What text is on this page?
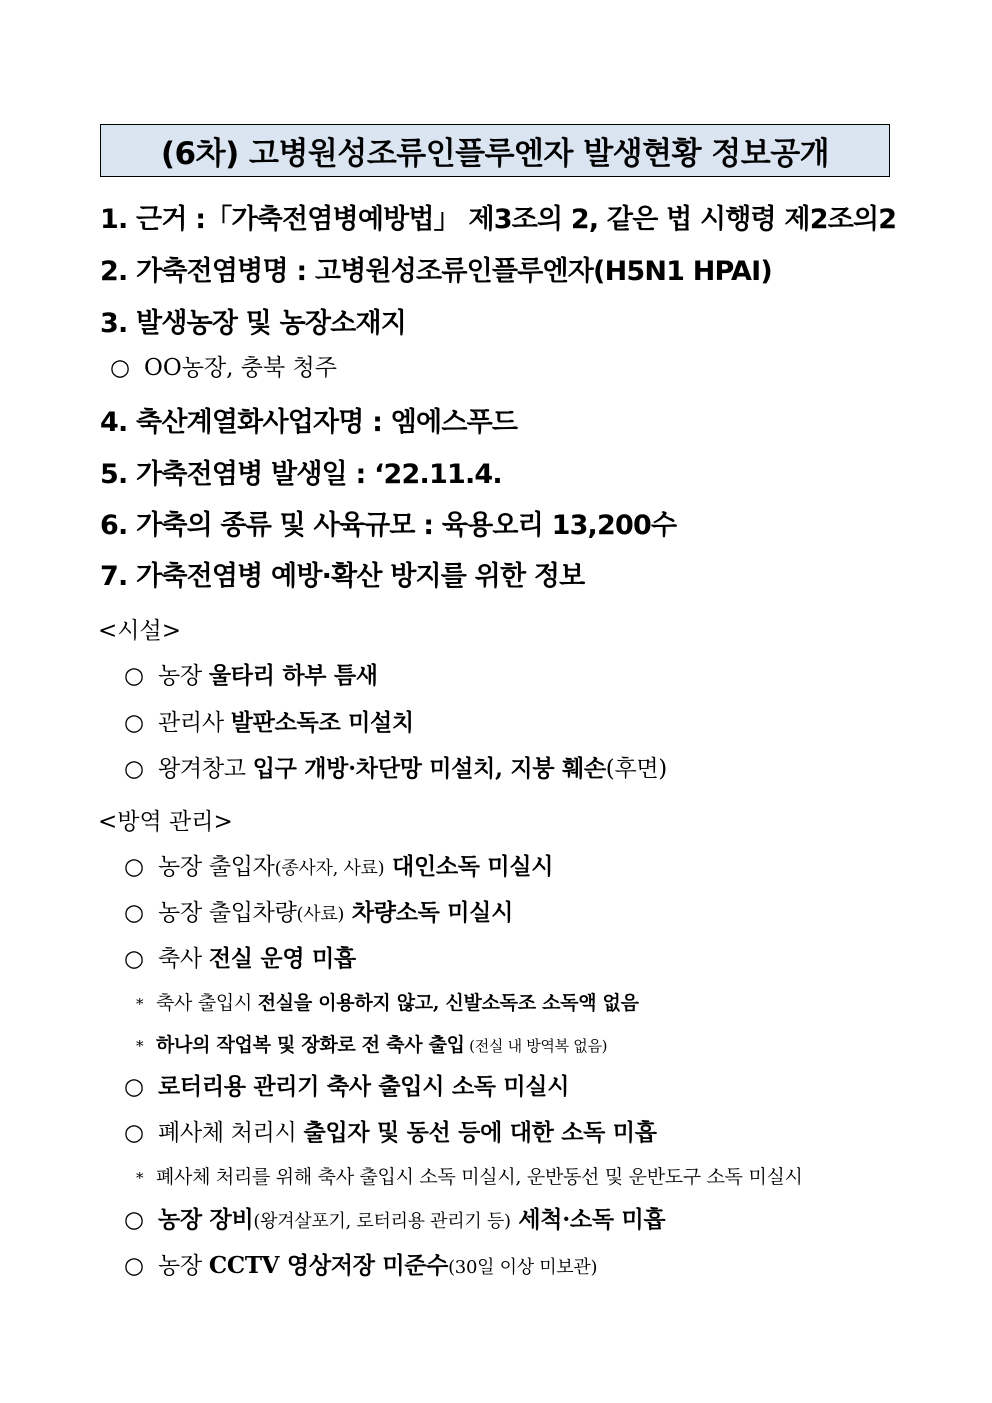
(6차) 고병원성조류인플루엔자 발생현황 정보공개
1. 근거 :「가축전염병예방법」 제3조의 2, 같은 법 시행령 제2조의2
2. 가축전염병명 : 고병원성조류인플루엔자(H5N1 HPAI)
3. 발생농장 및 농장소재지
○ OO농장, 충북 청주
4. 축산계열화사업자명 : 엠에스푸드
5. 가축전염병 발생일 : ‘22.11.4.
6. 가축의 종류 및 사육규모 : 육용오리 13,200수
7. 가축전염병 예방·확산 방지를 위한 정보
<시설>
○ 농장 울타리 하부 틈새
○ 관리사 발판소독조 미설치
○ 왕겨창고 입구 개방·차단망 미설치, 지붕 훼손(후면)
<방역 관리>
○ 농장 출입자(종사자, 사료) 대인소독 미실시
○ 농장 출입차량(사료) 차량소독 미실시
○ 축사 전실 운영 미흡
* 축사 출입시 전실을 이용하지 않고, 신발소독조 소독액 없음
* 하나의 작업복 및 장화로 전 축사 출입 (전실 내 방역복 없음)
○ 로터리용 관리기 축사 출입시 소독 미실시
○ 폐사체 처리시 출입자 및 동선 등에 대한 소독 미흡
* 폐사체 처리를 위해 축사 출입시 소독 미실시, 운반동선 및 운반도구 소독 미실시
○ 농장 장비(왕겨살포기, 로터리용 관리기 등) 세척·소독 미흡
○ 농장 CCTV 영상저장 미준수(30일 이상 미보관)
